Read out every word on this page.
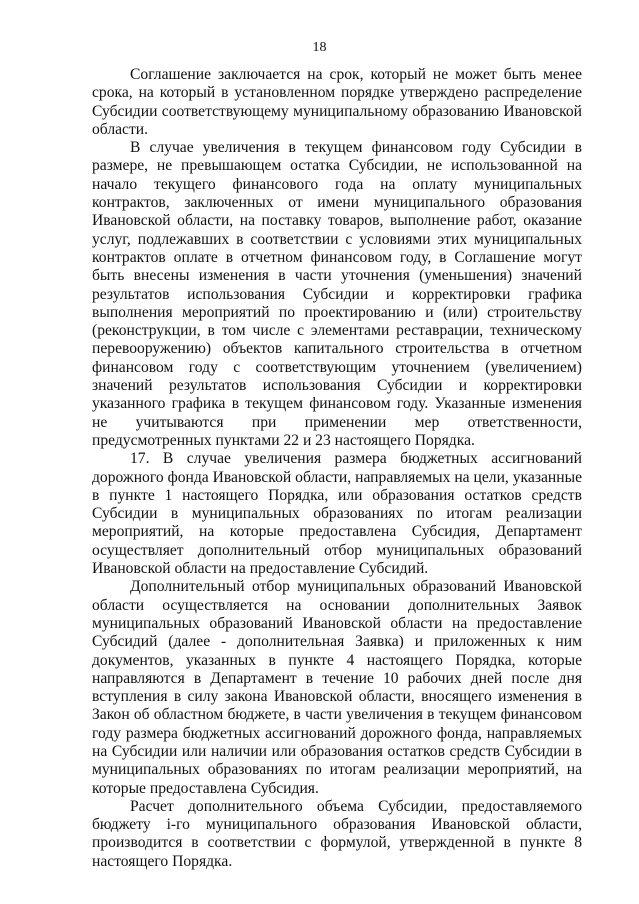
18

Соглашение заключается на срок, который не может быть менее срока, на который в установленном порядке утверждено распределение Субсидии соответствующему муниципальному образованию Ивановской области.

В случае увеличения в текущем финансовом году Субсидии в размере, не превышающем остатка Субсидии, не использованной на начало текущего финансового года на оплату муниципальных контрактов, заключенных от имени муниципального образования Ивановской области, на поставку товаров, выполнение работ, оказание услуг, подлежавших в соответствии с условиями этих муниципальных контрактов оплате в отчетном финансовом году, в Соглашение могут быть внесены изменения в части уточнения (уменьшения) значений результатов использования Субсидии и корректировки графика выполнения мероприятий по проектированию и (или) строительству (реконструкции, в том числе с элементами реставрации, техническому перевооружению) объектов капитального строительства в отчетном финансовом году с соответствующим уточнением (увеличением) значений результатов использования Субсидии и корректировки указанного графика в текущем финансовом году. Указанные изменения не учитываются при применении мер ответственности, предусмотренных пунктами 22 и 23 настоящего Порядка.

17. В случае увеличения размера бюджетных ассигнований дорожного фонда Ивановской области, направляемых на цели, указанные в пункте 1 настоящего Порядка, или образования остатков средств Субсидии в муниципальных образованиях по итогам реализации мероприятий, на которые предоставлена Субсидия, Департамент осуществляет дополнительный отбор муниципальных образований Ивановской области на предоставление Субсидий.

Дополнительный отбор муниципальных образований Ивановской области осуществляется на основании дополнительных Заявок муниципальных образований Ивановской области на предоставление Субсидий (далее - дополнительная Заявка) и приложенных к ним документов, указанных в пункте 4 настоящего Порядка, которые направляются в Департамент в течение 10 рабочих дней после дня вступления в силу закона Ивановской области, вносящего изменения в Закон об областном бюджете, в части увеличения в текущем финансовом году размера бюджетных ассигнований дорожного фонда, направляемых на Субсидии или наличии или образования остатков средств Субсидии в муниципальных образованиях по итогам реализации мероприятий, на которые предоставлена Субсидия.

Расчет дополнительного объема Субсидии, предоставляемого бюджету i-го муниципального образования Ивановской области, производится в соответствии с формулой, утвержденной в пункте 8 настоящего Порядка.
